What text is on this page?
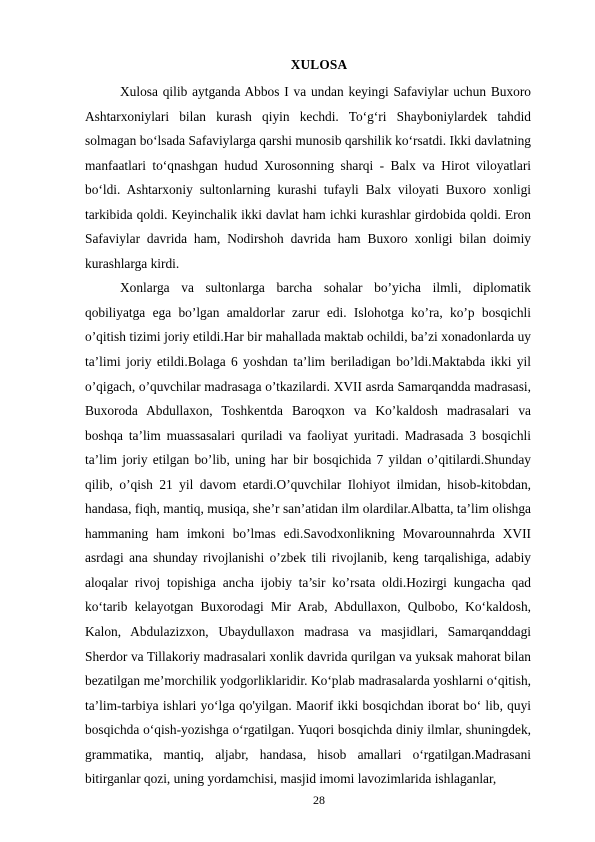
XULOSA

Xulosa qilib aytganda Abbos I va undan keyingi Safaviylar uchun Buxoro Ashtarxoniylari bilan kurash qiyin kechdi. To‘g‘ri Shayboniylardek tahdid solmagan bo‘lsada Safaviylarga qarshi munosib qarshilik ko‘rsatdi. Ikki davlatning manfaatlari to‘qnashgan hudud Xurosonning sharqi - Balx va Hirot viloyatlari bo‘ldi. Ashtarxoniy sultonlarning kurashi tufayli Balx viloyati Buxoro xonligi tarkibida qoldi. Keyinchalik ikki davlat ham ichki kurashlar girdobida qoldi. Eron Safaviylar davrida ham, Nodirshoh davrida ham Buxoro xonligi bilan doimiy kurashlarga kirdi.

Xonlarga va sultonlarga barcha sohalar bo’yicha ilmli, diplomatik qobiliyatga ega bo’lgan amaldorlar zarur edi. Islohotga ko’ra, ko’p bosqichli o’qitish tizimi joriy etildi.Har bir mahallada maktab ochildi, ba’zi xonadonlarda uy ta’limi joriy etildi.Bolaga 6 yoshdan ta’lim beriladigan bo’ldi.Maktabda ikki yil o’qigach, o’quvchilar madrasaga o’tkazilardi. XVII asrda Samarqandda madrasasi, Buxoroda Abdullaxon, Toshkentda Baroqxon va Ko’kaldosh madrasalari va boshqa ta’lim muassasalari quriladi va faoliyat yuritadi. Madrasada 3 bosqichli ta’lim joriy etilgan bo’lib, uning har bir bosqichida 7 yildan o’qitilardi.Shunday qilib, o’qish 21 yil davom etardi.O’quvchilar Ilohiyot ilmidan, hisob-kitobdan, handasa, fiqh, mantiq, musiqa, she’r san’atidan ilm olardilar.Albatta, ta’lim olishga hammaning ham imkoni bo’lmas edi.Savodxonlikning Movarounnahrda XVII asrdagi ana shunday rivojlanishi o’zbek tili rivojlanib, keng tarqalishiga, adabiy aloqalar rivoj topishiga ancha ijobiy ta’sir ko’rsata oldi.Hozirgi kungacha qad ko‘tarib kelayotgan Buxorodagi Mir Arab, Abdullaxon, Qulbobo, Ko‘kaldosh, Kalon, Abdulazizxon, Ubaydullaxon madrasa va masjidlari, Samarqanddagi Sherdor va Tillakoriy madrasalari xonlik davrida qurilgan va yuksak mahorat bilan bezatilgan me’morchilik yodgorliklaridir. Ko‘plab madrasalarda yoshlarni o‘qitish, ta’lim-tarbiya ishlari yo‘lga qo'yilgan. Maorif ikki bosqichdan iborat bo‘ lib, quyi bosqichda o‘qish-yozishga o‘rgatilgan. Yuqori bosqichda diniy ilmlar, shuningdek, grammatika, mantiq, aljabr, handasa, hisob amallari o‘rgatilgan.Madrasani bitirganlar qozi, uning yordamchisi, masjid imomi lavozimlarida ishlaganlar,

28
